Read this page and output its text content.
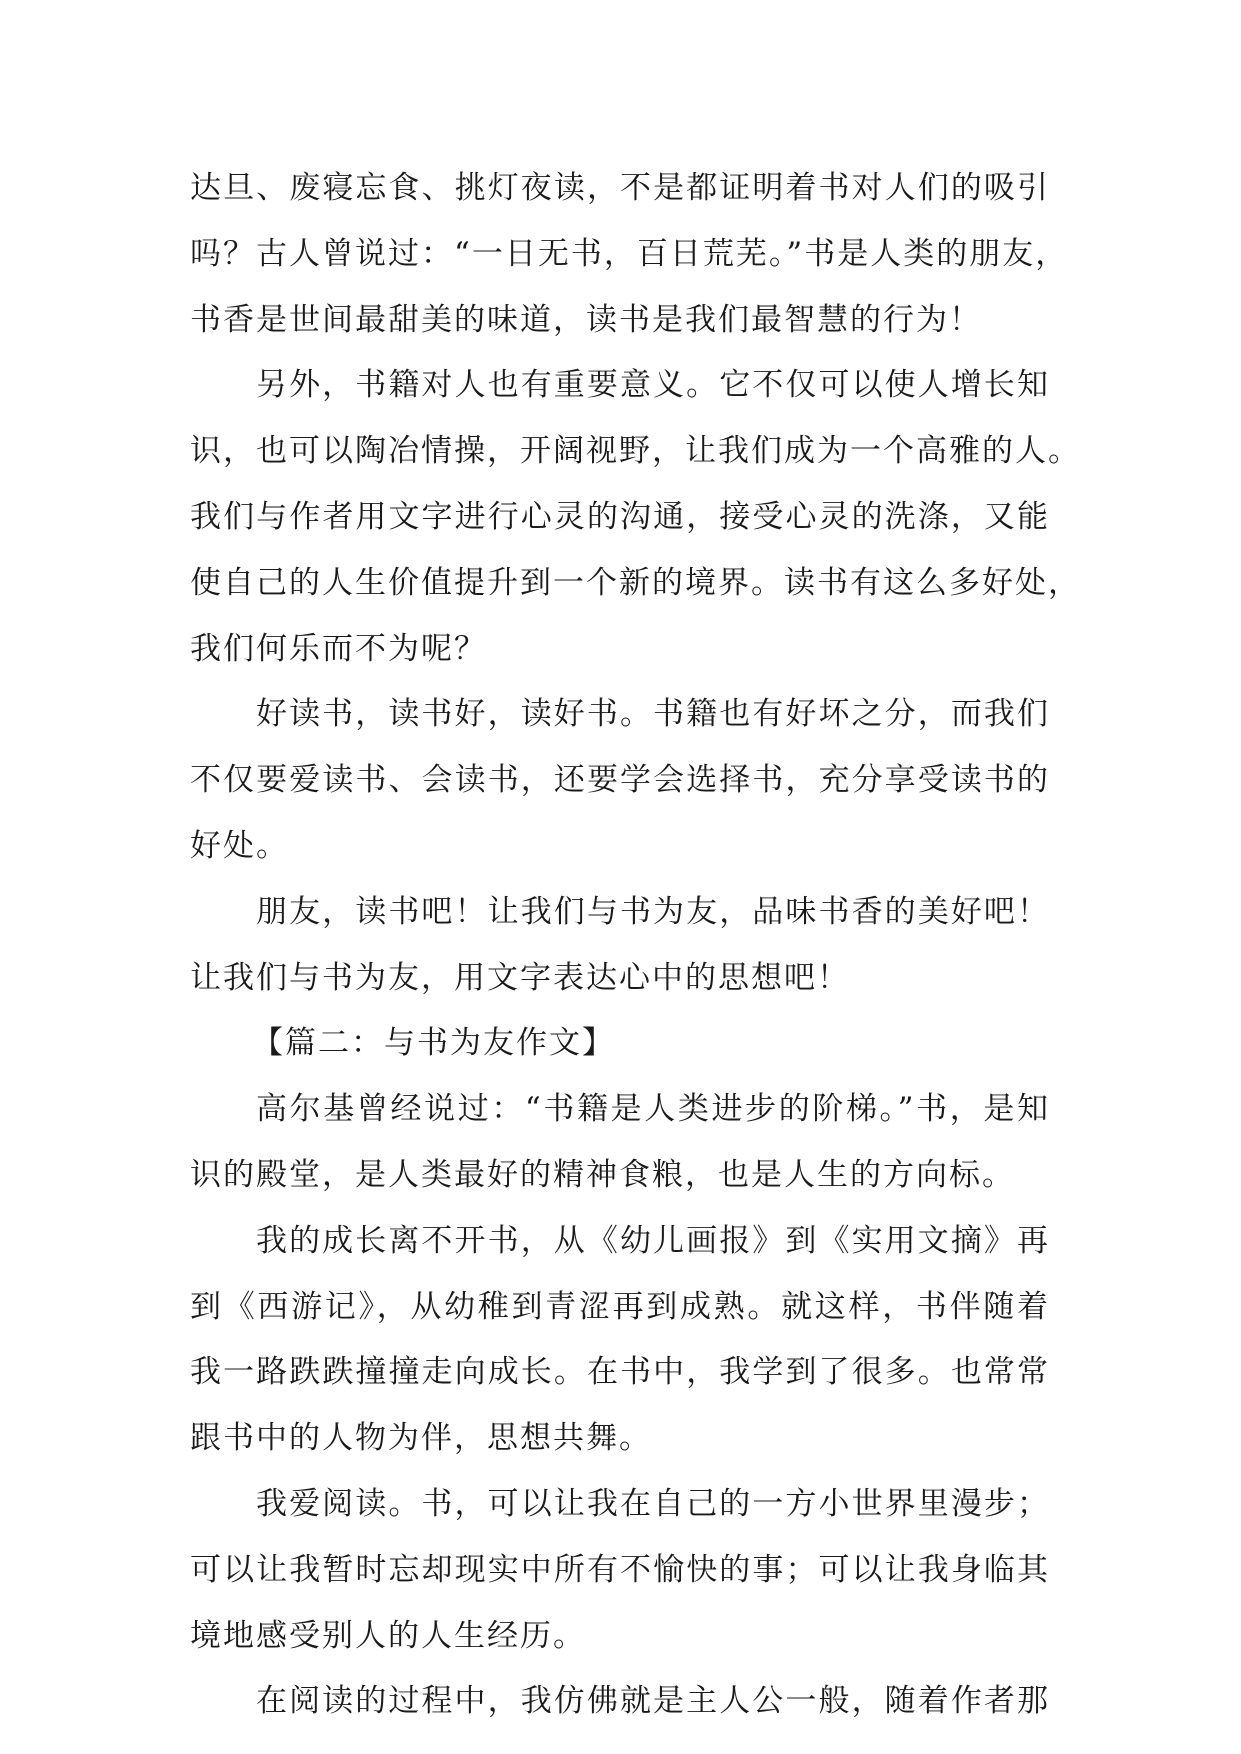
达旦、废寝忘食、挑灯夜读，不是都证明着书对人们的吸引
吗？古人曾说过：“一日无书，百日荒芜。”书是人类的朋友，
书香是世间最甜美的味道，读书是我们最智慧的行为！
另外，书籍对人也有重要意义。它不仅可以使人增长知
识，也可以陶冶情操，开阔视野，让我们成为一个高雅的人。
我们与作者用文字进行心灵的沟通，接受心灵的洗涤，又能
使自己的人生价值提升到一个新的境界。读书有这么多好处，
我们何乐而不为呢？
好读书，读书好，读好书。书籍也有好坏之分，而我们
不仅要爱读书、会读书，还要学会选择书，充分享受读书的
好处。
朋友，读书吧！让我们与书为友，品味书香的美好吧！
让我们与书为友，用文字表达心中的思想吧！
【篇二：与书为友作文】
高尔基曾经说过：“书籍是人类进步的阶梯。”书，是知
识的殿堂，是人类最好的精神食粮，也是人生的方向标。
我的成长离不开书，从《幼儿画报》到《实用文摘》再
到《西游记》，从幼稚到青涩再到成熟。就这样，书伴随着
我一路跌跌撞撞走向成长。在书中，我学到了很多。也常常
跟书中的人物为伴，思想共舞。
我爱阅读。书，可以让我在自己的一方小世界里漫步；
可以让我暂时忘却现实中所有不愉快的事；可以让我身临其
境地感受别人的人生经历。
在阅读的过程中，我仿佛就是主人公一般，随着作者那
